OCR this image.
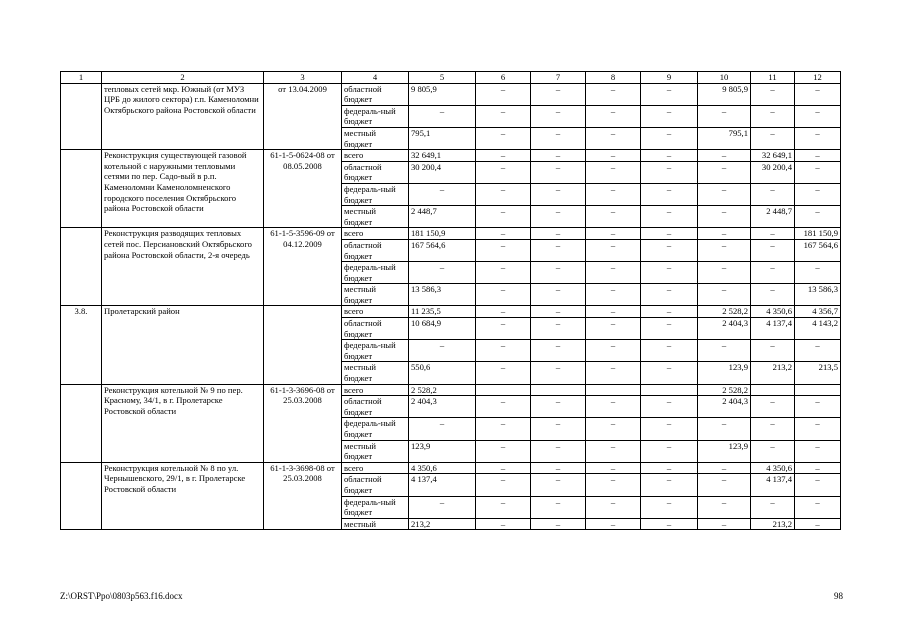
1	2	3	4	5	6	7	8	9	10	11	12
	тепловых сетей мкр. Южный (от МУЗ ЦРБ до жилого сектора) г.п. Каменоломни Октябрьского района Ростовской области	от 13.04.2009	областной бюджет	9 805,9	–	–	–	–	9 805,9	–	–
			федераль-ный бюджет	–	–	–	–	–	–	–	–
			местный бюджет	795,1	–	–	–	–	795,1	–	–
	Реконструкция существующей газовой котельной с наружными тепловыми сетями по пер. Садо-вый в р.п. Каменоломни Каменоломненского городского поселения Октябрьского района Ростовской области	61-1-5-0624-08 от 08.05.2008	всего	32 649,1	–	–	–	–	–	32 649,1	–
			областной бюджет	30 200,4	–	–	–	–	–	30 200,4	–
			федераль-ный бюджет	–	–	–	–	–	–	–	–
			местный бюджет	2 448,7	–	–	–	–	–	2 448,7	–
	Реконструкция разводящих тепловых сетей пос. Персиановский Октябрьского района Ростовской области, 2-я очередь	61-1-5-3596-09 от 04.12.2009	всего	181 150,9	–	–	–	–	–	–	181 150,9
			областной бюджет	167 564,6	–	–	–	–	–	–	167 564,6
			федераль-ный бюджет	–	–	–	–	–	–	–	–
			местный бюджет	13 586,3	–	–	–	–	–	–	13 586,3
3.8.	Пролетарский район		всего	11 235,5	–	–	–	–	2 528,2	4 350,6	4 356,7
			областной бюджет	10 684,9	–	–	–	–	2 404,3	4 137,4	4 143,2
			федераль-ный бюджет	–	–	–	–	–	–	–	–
			местный бюджет	550,6	–	–	–	–	123,9	213,2	213,5
	Реконструкция котельной № 9 по пер. Красному, 34/1, в г. Пролетарске Ростовской области	61-1-3-3696-08 от 25.03.2008	всего	2 528,2					2 528,2		
			областной бюджет	2 404,3	–	–	–	–	2 404,3	–	–
			федераль-ный бюджет	–	–	–	–	–	–	–	–
			местный бюджет	123,9	–	–	–	–	123,9	–	–
	Реконструкция котельной № 8 по ул. Чернышевского, 29/1, в г. Пролетарске Ростовской области	61-1-3-3698-08 от 25.03.2008	всего	4 350,6	–	–	–	–	–	4 350,6	–
			областной бюджет	4 137,4	–	–	–	–	–	4 137,4	–
			федераль-ный бюджет	–	–	–	–	–	–	–	–
			местный	213,2	–	–	–	–	–	213,2	–
Z:\ORST\Ppo\0803p563.f16.docx	98
